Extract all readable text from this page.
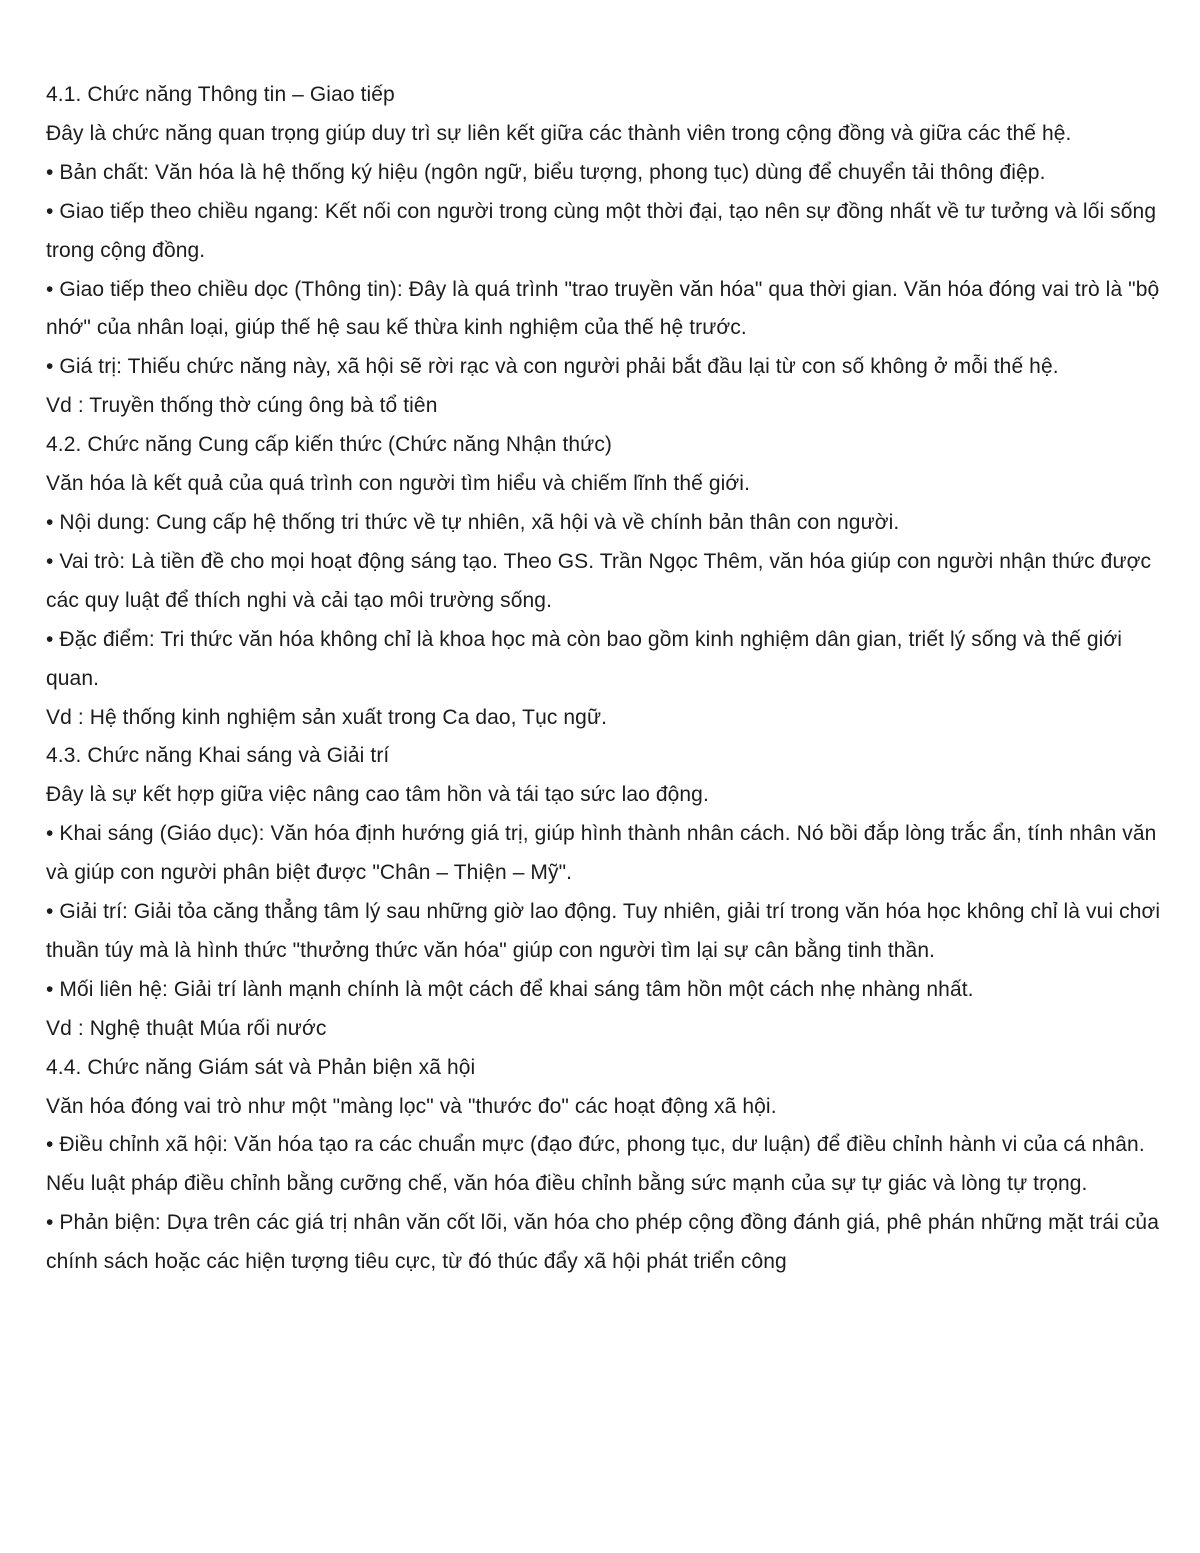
4.1. Chức năng Thông tin – Giao tiếp

Đây là chức năng quan trọng giúp duy trì sự liên kết giữa các thành viên trong cộng đồng và giữa các thế hệ.

• Bản chất: Văn hóa là hệ thống ký hiệu (ngôn ngữ, biểu tượng, phong tục) dùng để chuyển tải thông điệp.

• Giao tiếp theo chiều ngang: Kết nối con người trong cùng một thời đại, tạo nên sự đồng nhất về tư tưởng và lối sống trong cộng đồng.

• Giao tiếp theo chiều dọc (Thông tin): Đây là quá trình "trao truyền văn hóa" qua thời gian. Văn hóa đóng vai trò là "bộ nhớ" của nhân loại, giúp thế hệ sau kế thừa kinh nghiệm của thế hệ trước.

• Giá trị: Thiếu chức năng này, xã hội sẽ rời rạc và con người phải bắt đầu lại từ con số không ở mỗi thế hệ.

Vd : Truyền thống thờ cúng ông bà tổ tiên

4.2. Chức năng Cung cấp kiến thức (Chức năng Nhận thức)

Văn hóa là kết quả của quá trình con người tìm hiểu và chiếm lĩnh thế giới.

• Nội dung: Cung cấp hệ thống tri thức về tự nhiên, xã hội và về chính bản thân con người.

• Vai trò: Là tiền đề cho mọi hoạt động sáng tạo. Theo GS. Trần Ngọc Thêm, văn hóa giúp con người nhận thức được các quy luật để thích nghi và cải tạo môi trường sống.

• Đặc điểm: Tri thức văn hóa không chỉ là khoa học mà còn bao gồm kinh nghiệm dân gian, triết lý sống và thế giới quan.

Vd : Hệ thống kinh nghiệm sản xuất trong Ca dao, Tục ngữ.

4.3. Chức năng Khai sáng và Giải trí

Đây là sự kết hợp giữa việc nâng cao tâm hồn và tái tạo sức lao động.

• Khai sáng (Giáo dục): Văn hóa định hướng giá trị, giúp hình thành nhân cách. Nó bồi đắp lòng trắc ẩn, tính nhân văn và giúp con người phân biệt được "Chân – Thiện – Mỹ".

• Giải trí: Giải tỏa căng thẳng tâm lý sau những giờ lao động. Tuy nhiên, giải trí trong văn hóa học không chỉ là vui chơi thuần túy mà là hình thức "thưởng thức văn hóa" giúp con người tìm lại sự cân bằng tinh thần.

• Mối liên hệ: Giải trí lành mạnh chính là một cách để khai sáng tâm hồn một cách nhẹ nhàng nhất.

Vd : Nghệ thuật Múa rối nước

4.4. Chức năng Giám sát và Phản biện xã hội

Văn hóa đóng vai trò như một "màng lọc" và "thước đo" các hoạt động xã hội.

• Điều chỉnh xã hội: Văn hóa tạo ra các chuẩn mực (đạo đức, phong tục, dư luận) để điều chỉnh hành vi của cá nhân. Nếu luật pháp điều chỉnh bằng cưỡng chế, văn hóa điều chỉnh bằng sức mạnh của sự tự giác và lòng tự trọng.

• Phản biện: Dựa trên các giá trị nhân văn cốt lõi, văn hóa cho phép cộng đồng đánh giá, phê phán những mặt trái của chính sách hoặc các hiện tượng tiêu cực, từ đó thúc đẩy xã hội phát triển công
